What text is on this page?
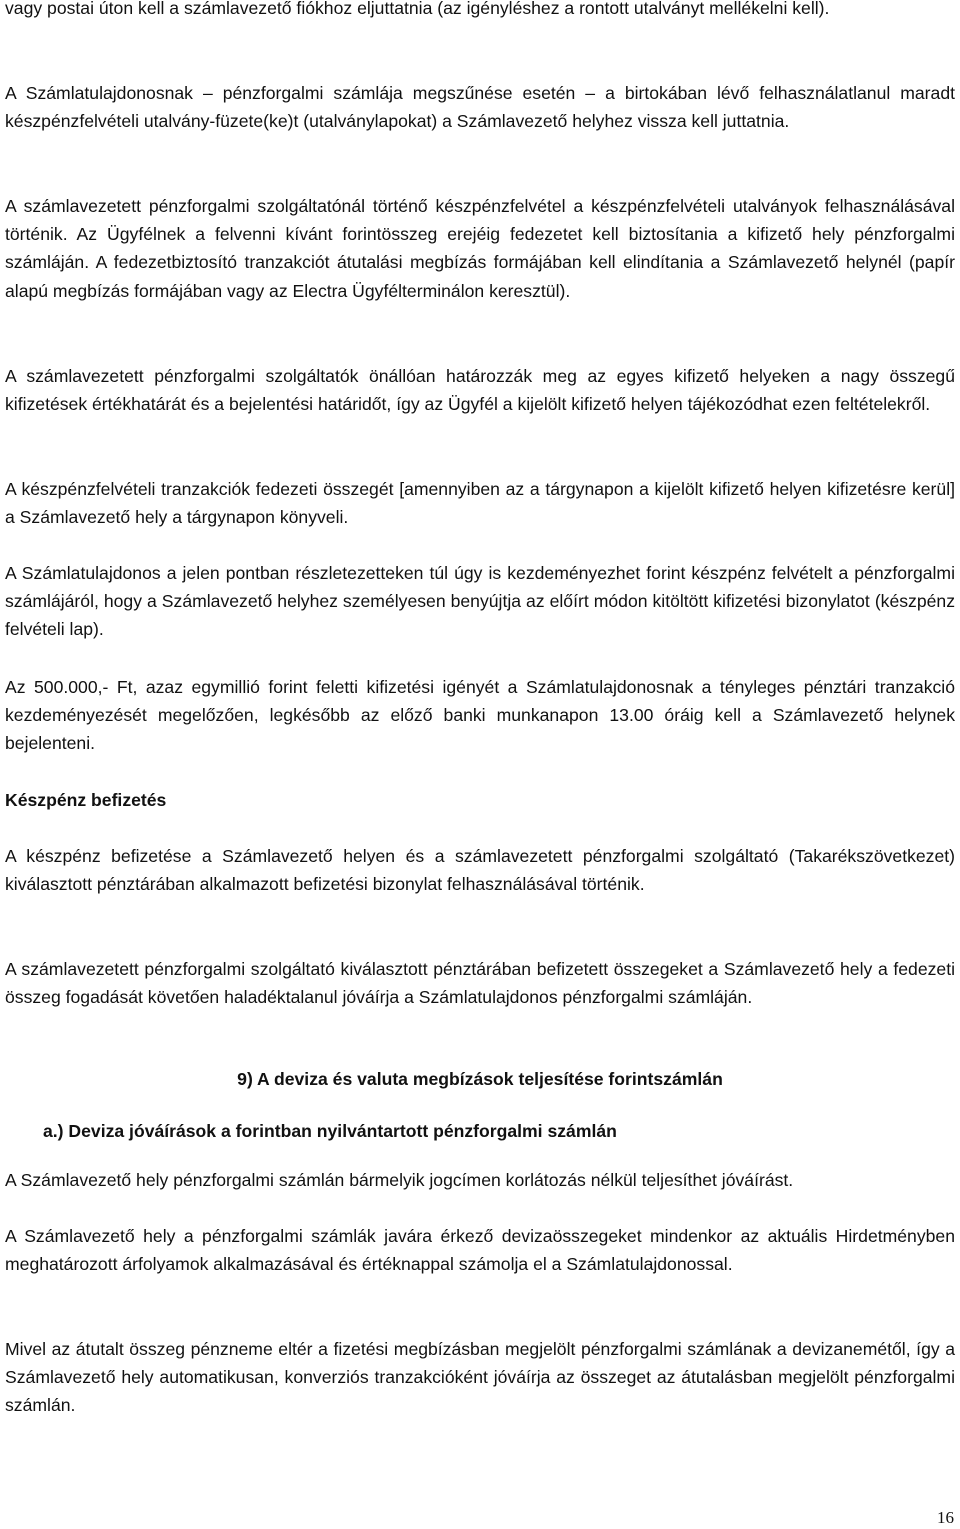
vagy postai úton kell a számlavezető fiókhoz eljuttatnia (az igényléshez a rontott utalványt mellékelni kell).

A Számlatulajdonosnak – pénzforgalmi számlája megszűnése esetén – a birtokában lévő felhasználatlanul maradt készpénzfelvételi utalvány-füzete(ke)t (utalványlapokat) a Számlavezető helyhez vissza kell juttatnia.

A számlavezetett pénzforgalmi szolgáltatónál történő készpénzfelvétel a készpénzfelvételi utalványok felhasználásával történik. Az Ügyfélnek a felvenni kívánt forintösszeg erejéig fedezetet kell biztosítania a kifizető hely pénzforgalmi számláján. A fedezetbiztosító tranzakciót átutalási megbízás formájában kell elindítania a Számlavezető helynél (papír alapú megbízás formájában vagy az Electra Ügyfélterminálon keresztül).

A számlavezetett pénzforgalmi szolgáltatók önállóan határozzák meg az egyes kifizető helyeken a nagy összegű kifizetések értékhatárát és a bejelentési határidőt, így az Ügyfél a kijelölt kifizető helyen tájékozódhat ezen feltételekről.

A készpénzfelvételi tranzakciók fedezeti összegét [amennyiben az a tárgynapon a kijelölt kifizető helyen kifizetésre kerül] a Számlavezető hely a tárgynapon könyveli.

A Számlatulajdonos a jelen pontban részletezetteken túl úgy is kezdeményezhet forint készpénz felvételt a pénzforgalmi számlájáról, hogy a Számlavezető helyhez személyesen benyújtja az előírt módon kitöltött kifizetési bizonylatot (készpénz felvételi lap).

Az 500.000,- Ft, azaz egymillió forint feletti kifizetési igényét a Számlatulajdonosnak a tényleges pénztári tranzakció kezdeményezését megelőzően, legkésőbb az előző banki munkanapon 13.00 óráig kell a Számlavezető helynek bejelenteni.

Készpénz befizetés

A készpénz befizetése a Számlavezető helyen és a számlavezetett pénzforgalmi szolgáltató (Takarékszövetkezet) kiválasztott pénztárában alkalmazott befizetési bizonylat felhasználásával történik.

A számlavezetett pénzforgalmi szolgáltató kiválasztott pénztárában befizetett összegeket a Számlavezető hely a fedezeti összeg fogadását követően haladéktalanul jóváírja a Számlatulajdonos pénzforgalmi számláján.

9) A deviza és valuta megbízások teljesítése forintszámlán

a.) Deviza jóváírások a forintban nyilvántartott pénzforgalmi számlán

A Számlavezető hely pénzforgalmi számlán bármelyik jogcímen korlátozás nélkül teljesíthet jóváírást.

A Számlavezető hely a pénzforgalmi számlák javára érkező devizaösszegeket mindenkor az aktuális Hirdetményben meghatározott árfolyamok alkalmazásával és értéknappal számolja el a Számlatulajdonossal.

Mivel az átutalt összeg pénzneme eltér a fizetési megbízásban megjelölt pénzforgalmi számlának a devizanemétől, így a Számlavezető hely automatikusan, konverziós tranzakcióként jóváírja az összeget az átutalásban megjelölt pénzforgalmi számlán.

16
